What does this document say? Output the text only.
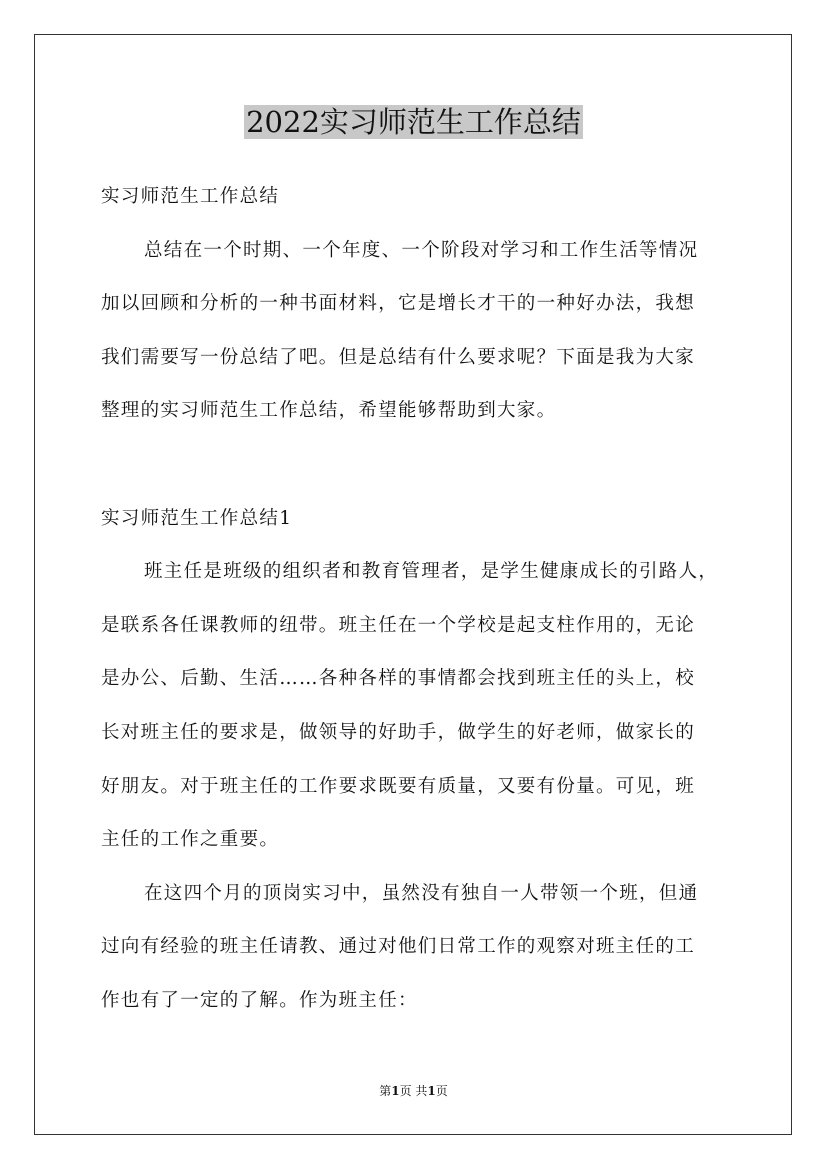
2022实习师范生工作总结

实习师范生工作总结

总结在一个时期、一个年度、一个阶段对学习和工作生活等情况

加以回顾和分析的一种书面材料，它是增长才干的一种好办法，我想

我们需要写一份总结了吧。但是总结有什么要求呢？下面是我为大家

整理的实习师范生工作总结，希望能够帮助到大家。

实习师范生工作总结1

班主任是班级的组织者和教育管理者，是学生健康成长的引路人，

是联系各任课教师的纽带。班主任在一个学校是起支柱作用的，无论

是办公、后勤、生活……各种各样的事情都会找到班主任的头上，校

长对班主任的要求是，做领导的好助手，做学生的好老师，做家长的

好朋友。对于班主任的工作要求既要有质量，又要有份量。可见，班

主任的工作之重要。

在这四个月的顶岗实习中，虽然没有独自一人带领一个班，但通

过向有经验的班主任请教、通过对他们日常工作的观察对班主任的工

作也有了一定的了解。作为班主任：

第1页 共1页
